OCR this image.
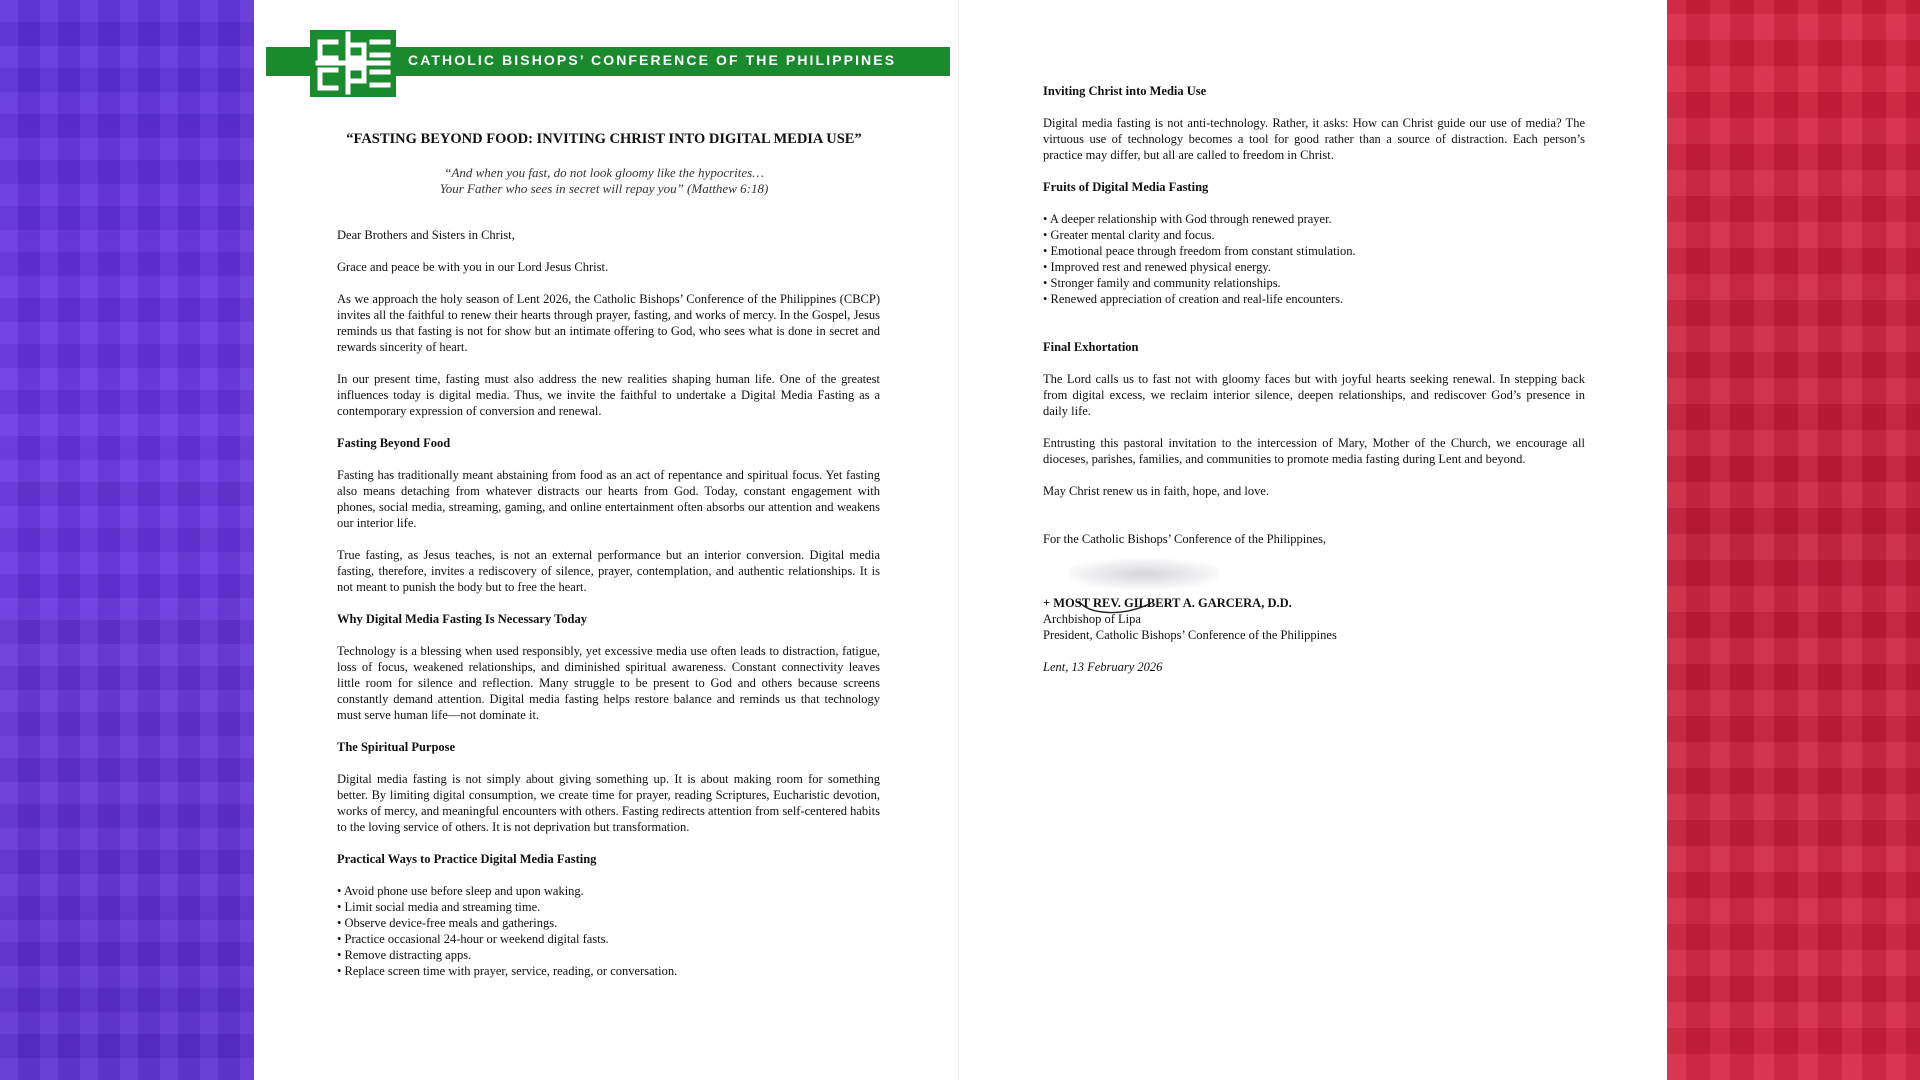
CATHOLIC BISHOPS’ CONFERENCE OF THE PHILIPPINES
“FASTING BEYOND FOOD: INVITING CHRIST INTO DIGITAL MEDIA USE”
“And when you fast, do not look gloomy like the hypocrites…
Your Father who sees in secret will repay you” (Matthew 6:18)

Dear Brothers and Sisters in Christ,

Grace and peace be with you in our Lord Jesus Christ.

As we approach the holy season of Lent 2026, the Catholic Bishops’ Conference of the Philippines (CBCP) invites all the faithful to renew their hearts through prayer, fasting, and works of mercy. In the Gospel, Jesus reminds us that fasting is not for show but an intimate offering to God, who sees what is done in secret and rewards sincerity of heart.

In our present time, fasting must also address the new realities shaping human life. One of the greatest influences today is digital media. Thus, we invite the faithful to undertake a Digital Media Fasting as a contemporary expression of conversion and renewal.

Fasting Beyond Food

Fasting has traditionally meant abstaining from food as an act of repentance and spiritual focus. Yet fasting also means detaching from whatever distracts our hearts from God. Today, constant engagement with phones, social media, streaming, gaming, and online entertainment often absorbs our attention and weakens our interior life.

True fasting, as Jesus teaches, is not an external performance but an interior conversion. Digital media fasting, therefore, invites a rediscovery of silence, prayer, contemplation, and authentic relationships. It is not meant to punish the body but to free the heart.

Why Digital Media Fasting Is Necessary Today

Technology is a blessing when used responsibly, yet excessive media use often leads to distraction, fatigue, loss of focus, weakened relationships, and diminished spiritual awareness. Constant connectivity leaves little room for silence and reflection. Many struggle to be present to God and others because screens constantly demand attention. Digital media fasting helps restore balance and reminds us that technology must serve human life—not dominate it.

The Spiritual Purpose

Digital media fasting is not simply about giving something up. It is about making room for something better. By limiting digital consumption, we create time for prayer, reading Scriptures, Eucharistic devotion, works of mercy, and meaningful encounters with others. Fasting redirects attention from self-centered habits to the loving service of others. It is not deprivation but transformation.

Practical Ways to Practice Digital Media Fasting
• Avoid phone use before sleep and upon waking.
• Limit social media and streaming time.
• Observe device-free meals and gatherings.
• Practice occasional 24-hour or weekend digital fasts.
• Remove distracting apps.
• Replace screen time with prayer, service, reading, or conversation.
Inviting Christ into Media Use

Digital media fasting is not anti-technology. Rather, it asks: How can Christ guide our use of media? The virtuous use of technology becomes a tool for good rather than a source of distraction. Each person’s practice may differ, but all are called to freedom in Christ.

Fruits of Digital Media Fasting
• A deeper relationship with God through renewed prayer.
• Greater mental clarity and focus.
• Emotional peace through freedom from constant stimulation.
• Improved rest and renewed physical energy.
• Stronger family and community relationships.
• Renewed appreciation of creation and real-life encounters.
Final Exhortation

The Lord calls us to fast not with gloomy faces but with joyful hearts seeking renewal. In stepping back from digital excess, we reclaim interior silence, deepen relationships, and rediscover God’s presence in daily life.

Entrusting this pastoral invitation to the intercession of Mary, Mother of the Church, we encourage all dioceses, parishes, families, and communities to promote media fasting during Lent and beyond.

May Christ renew us in faith, hope, and love.

For the Catholic Bishops’ Conference of the Philippines,

+ MOST REV. GILBERT A. GARCERA, D.D.
Archbishop of Lipa
President, Catholic Bishops’ Conference of the Philippines
Lent, 13 February 2026
